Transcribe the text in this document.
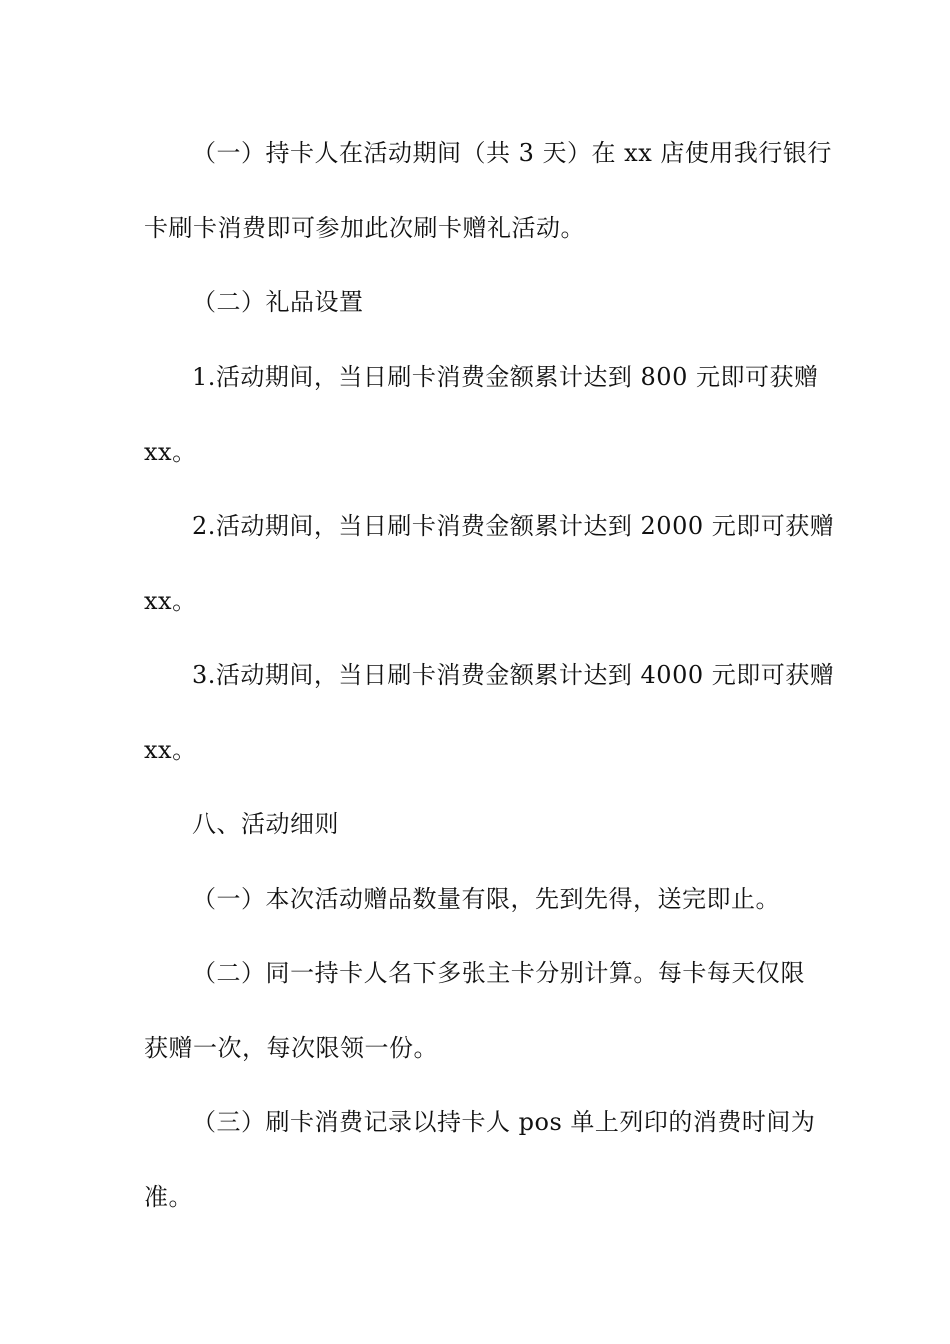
（一）持卡人在活动期间（共 3 天）在 xx 店使用我行银行
卡刷卡消费即可参加此次刷卡赠礼活动。
（二）礼品设置
1.活动期间，当日刷卡消费金额累计达到 800 元即可获赠
xx。
2.活动期间，当日刷卡消费金额累计达到 2000 元即可获赠
xx。
3.活动期间，当日刷卡消费金额累计达到 4000 元即可获赠
xx。
八、活动细则
（一）本次活动赠品数量有限，先到先得，送完即止。
（二）同一持卡人名下多张主卡分别计算。每卡每天仅限
获赠一次，每次限领一份。
（三）刷卡消费记录以持卡人 pos 单上列印的消费时间为
准。
